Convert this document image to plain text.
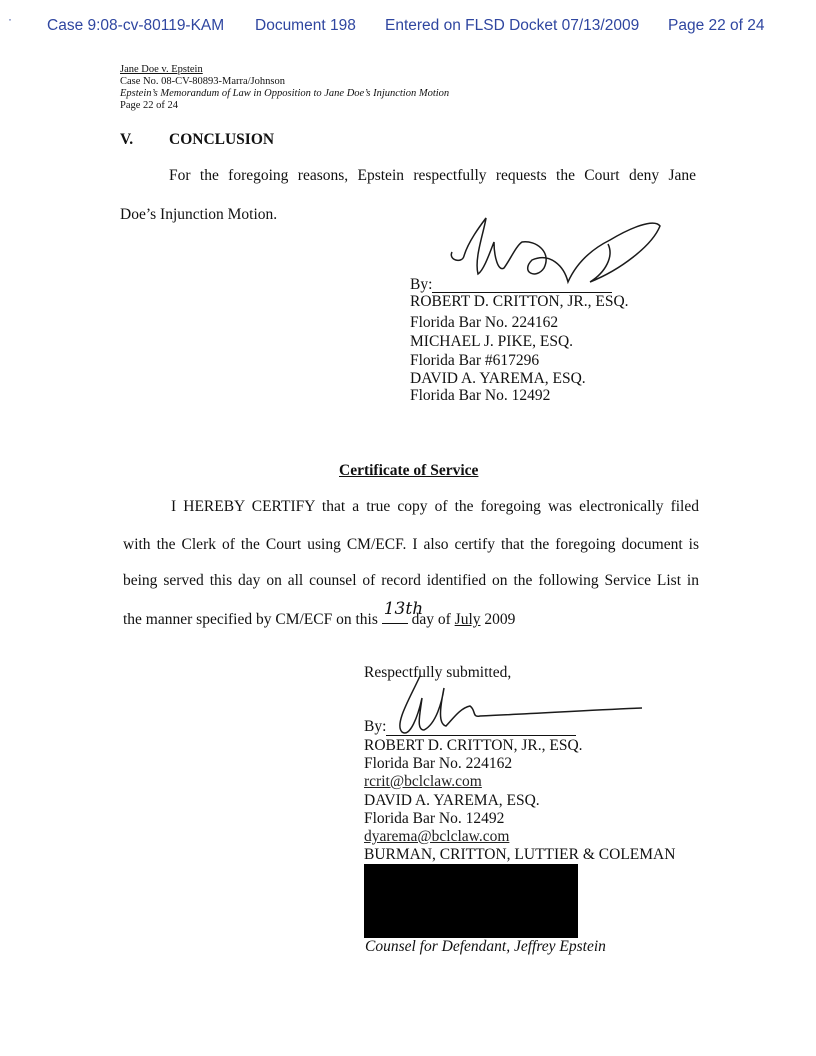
· Case 9:08-cv-80119-KAM Document 198 Entered on FLSD Docket 07/13/2009 Page 22 of 24
Jane Doe v. Epstein
Case No. 08-CV-80893-Marra/Johnson
Epstein’s Memorandum of Law in Opposition to Jane Doe’s Injunction Motion
Page 22 of 24
V. CONCLUSION
For the foregoing reasons, Epstein respectfully requests the Court deny Jane
Doe’s Injunction Motion.
By:
ROBERT D. CRITTON, JR., ESQ.
Florida Bar No. 224162
MICHAEL J. PIKE, ESQ.
Florida Bar #617296
DAVID A. YAREMA, ESQ.
Florida Bar No. 12492
Certificate of Service
I HEREBY CERTIFY that a true copy of the foregoing was electronically filed
with the Clerk of the Court using CM/ECF. I also certify that the foregoing document is
being served this day on all counsel of record identified on the following Service List in
the manner specified by CM/ECF on this
13th
day of July 2009
Respectfully submitted,
By:
ROBERT D. CRITTON, JR., ESQ.
Florida Bar No. 224162
rcrit@bclclaw.com
DAVID A. YAREMA, ESQ.
Florida Bar No. 12492
dyarema@bclclaw.com
BURMAN, CRITTON, LUTTIER & COLEMAN
Counsel for Defendant, Jeffrey Epstein
